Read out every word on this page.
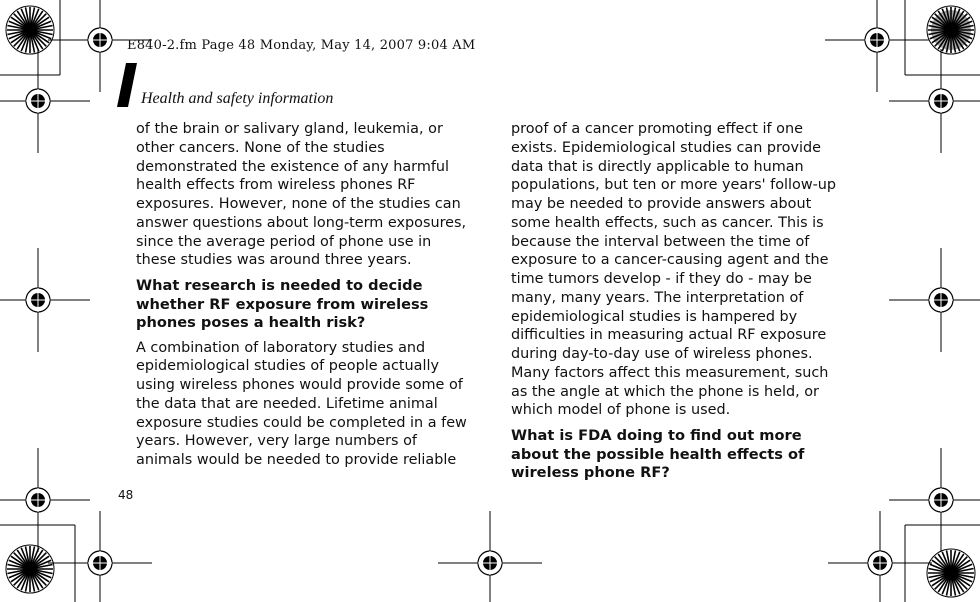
E840-2.fm Page 48 Monday, May 14, 2007 9:04 AM
Health and safety information

of the brain or salivary gland, leukemia, or other cancers. None of the studies demonstrated the existence of any harmful health effects from wireless phones RF exposures. However, none of the studies can answer questions about long-term exposures, since the average period of phone use in these studies was around three years.

What research is needed to decide whether RF exposure from wireless phones poses a health risk?

A combination of laboratory studies and epidemiological studies of people actually using wireless phones would provide some of the data that are needed. Lifetime animal exposure studies could be completed in a few years. However, very large numbers of animals would be needed to provide reliable

proof of a cancer promoting effect if one exists. Epidemiological studies can provide data that is directly applicable to human populations, but ten or more years' follow-up may be needed to provide answers about some health effects, such as cancer. This is because the interval between the time of exposure to a cancer-causing agent and the time tumors develop - if they do - may be many, many years. The interpretation of epidemiological studies is hampered by difficulties in measuring actual RF exposure during day-to-day use of wireless phones. Many factors affect this measurement, such as the angle at which the phone is held, or which model of phone is used.

What is FDA doing to find out more about the possible health effects of wireless phone RF?
48
